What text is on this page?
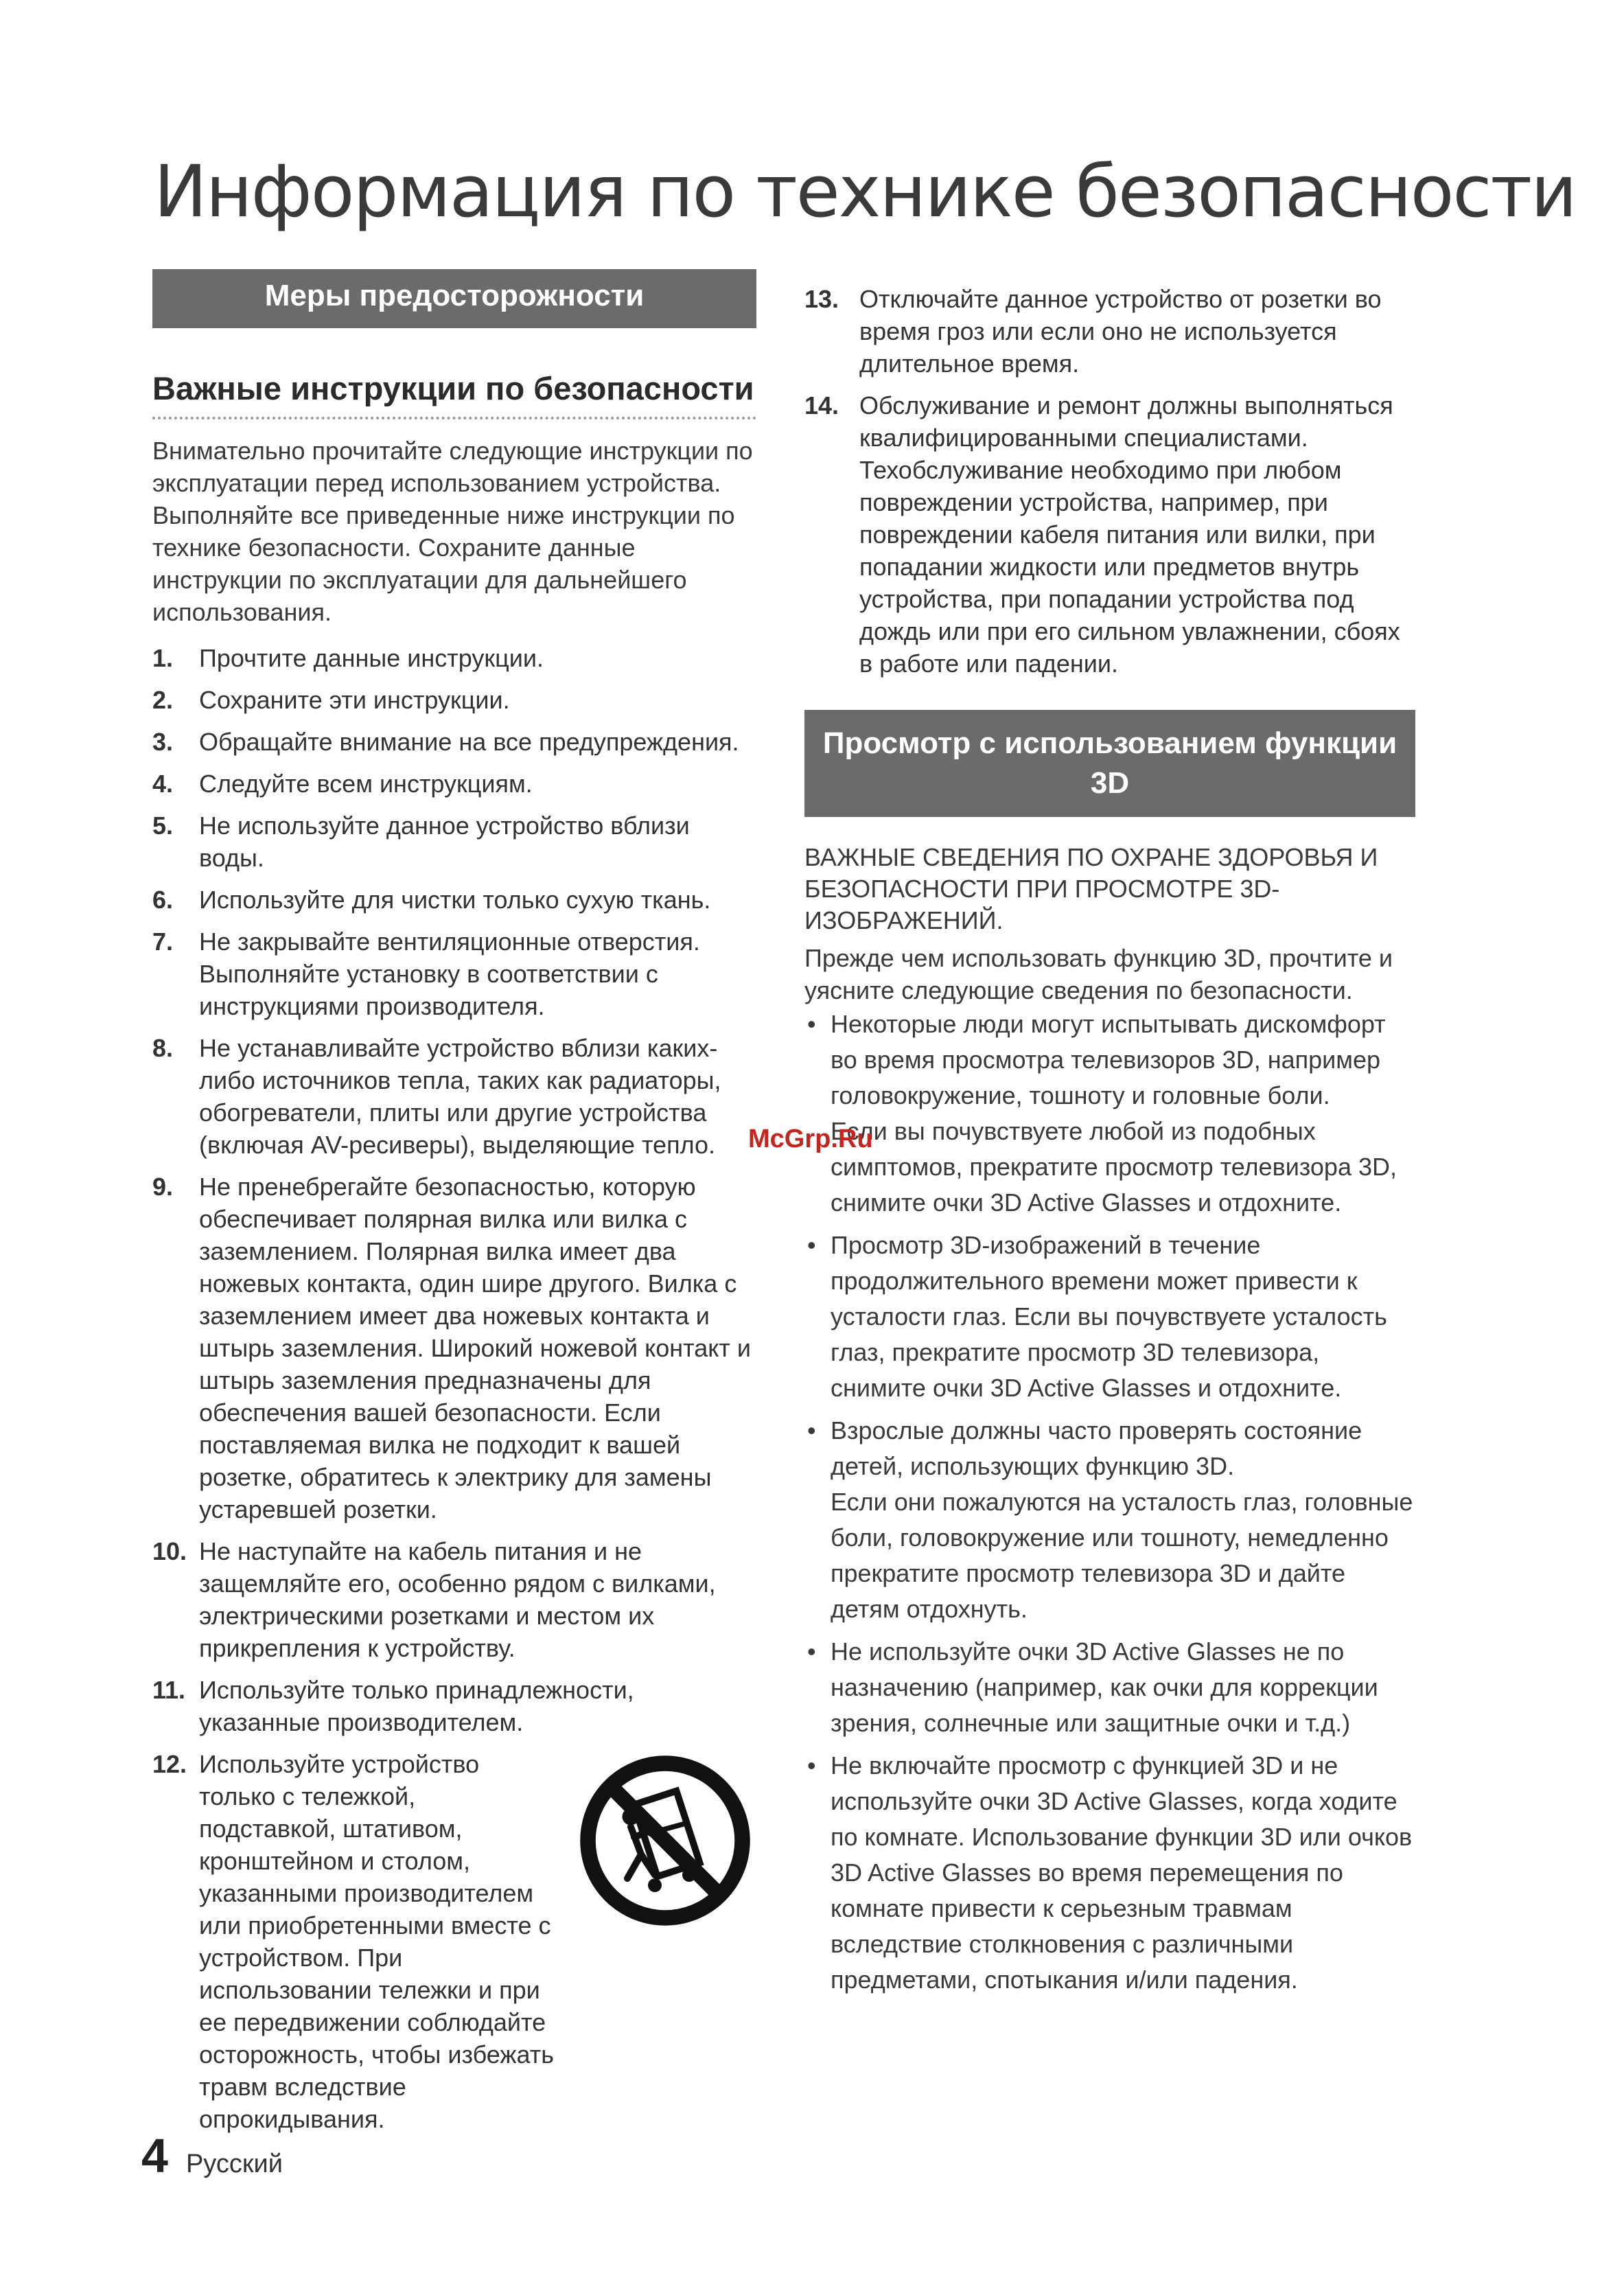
Информация по технике безопасности
Меры предосторожности
Важные инструкции по безопасности

Внимательно прочитайте следующие инструкции по эксплуатации перед использованием устройства. Выполняйте все приведенные ниже инструкции по технике безопасности. Сохраните данные инструкции по эксплуатации для дальнейшего использования.

1.	Прочтите данные инструкции.
2.	Сохраните эти инструкции.
3.	Обращайте внимание на все предупреждения.
4.	Следуйте всем инструкциям.
5.	Не используйте данное устройство вблизи воды.
6.	Используйте для чистки только сухую ткань.
7.	Не закрывайте вентиляционные отверстия. Выполняйте установку в соответствии с инструкциями производителя.
8.	Не устанавливайте устройство вблизи каких-либо источников тепла, таких как радиаторы, обогреватели, плиты или другие устройства (включая AV-ресиверы), выделяющие тепло.
9.	Не пренебрегайте безопасностью, которую обеспечивает полярная вилка или вилка с заземлением. Полярная вилка имеет два ножевых контакта, один шире другого. Вилка с заземлением имеет два ножевых контакта и штырь заземления. Широкий ножевой контакт и штырь заземления предназначены для обеспечения вашей безопасности. Если поставляемая вилка не подходит к вашей розетке, обратитесь к электрику для замены устаревшей розетки.
10. Не наступайте на кабель питания и не защемляйте его, особенно рядом с вилками, электрическими розетками и местом их прикрепления к устройству.
11. Используйте только принадлежности, указанные производителем.
12. Используйте устройство только с тележкой, подставкой, штативом, кронштейном и столом, указанными производителем или приобретенными вместе с устройством. При использовании тележки и при ее передвижении соблюдайте осторожность, чтобы избежать травм вследствие опрокидывания.
13. Отключайте данное устройство от розетки во время гроз или если оно не используется длительное время.
14. Обслуживание и ремонт должны выполняться квалифицированными специалистами. Техобслуживание необходимо при любом повреждении устройства, например, при повреждении кабеля питания или вилки, при попадании жидкости или предметов внутрь устройства, при попадании устройства под дождь или при его сильном увлажнении, сбоях в работе или падении.
Просмотр с использованием функции 3D

ВАЖНЫЕ СВЕДЕНИЯ ПО ОХРАНЕ ЗДОРОВЬЯ И БЕЗОПАСНОСТИ ПРИ ПРОСМОТРЕ 3D-ИЗОБРАЖЕНИЙ.

Прежде чем использовать функцию 3D, прочтите и уясните следующие сведения по безопасности.

• Некоторые люди могут испытывать дискомфорт во время просмотра телевизоров 3D, например головокружение, тошноту и головные боли.
Если вы почувствуете любой из подобных симптомов, прекратите просмотр телевизора 3D, снимите очки 3D Active Glasses и отдохните.
• Просмотр 3D-изображений в течение продолжительного времени может привести к усталости глаз. Если вы почувствуете усталость глаз, прекратите просмотр 3D телевизора, снимите очки 3D Active Glasses и отдохните.
• Взрослые должны часто проверять состояние детей, использующих функцию 3D.
Если они пожалуются на усталость глаз, головные боли, головокружение или тошноту, немедленно прекратите просмотр телевизора 3D и дайте детям отдохнуть.
• Не используйте очки 3D Active Glasses не по назначению (например, как очки для коррекции зрения, солнечные или защитные очки и т.д.)
• Не включайте просмотр с функцией 3D и не используйте очки 3D Active Glasses, когда ходите по комнате. Использование функции 3D или очков 3D Active Glasses во время перемещения по комнате привести к серьезным травмам вследствие столкновения с различными предметами, спотыкания и/или падения.
McGrp.Ru
4 Русский
